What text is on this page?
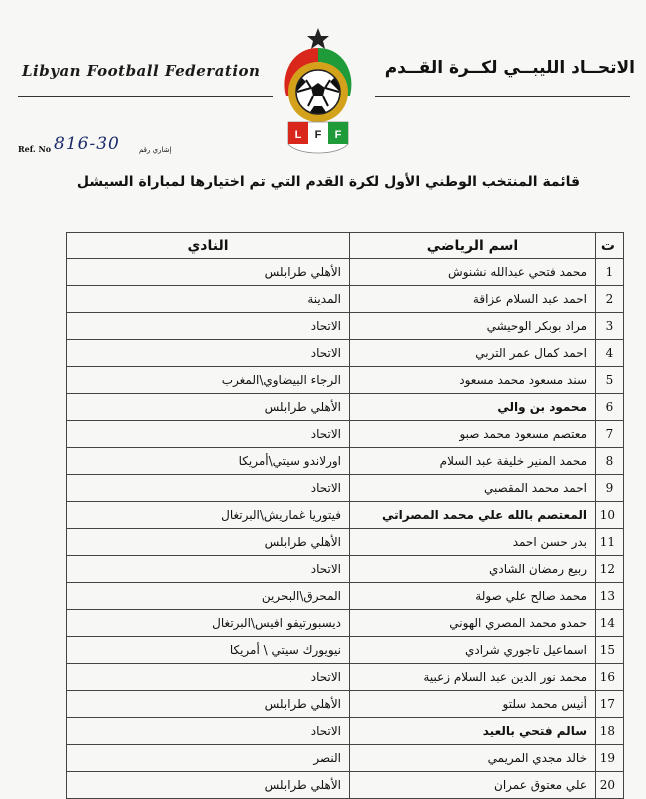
Libyan Football Federation	الاتحــاد الليبــي لكــرة القــدم
L F F
Ref. No 816-30	إشاري رقم
قائمة المنتخب الوطني الأول لكرة القدم التي تم اختيارها لمباراة السيشل
ت	اسم الرياضي	النادي
1	محمد فتحي عبدالله نشنوش	الأهلي طرابلس
2	احمد عبد السلام عزاقة	المدينة
3	مراد بوبكر الوحيشي	الاتحاد
4	احمد كمال عمر التربي	الاتحاد
5	سند مسعود محمد مسعود	الرجاء البيضاوي\المغرب
6	محمود بن والي	الأهلي طرابلس
7	معتصم مسعود محمد صبو	الاتحاد
8	محمد المنير خليفة عبد السلام	اورلاندو سيتي\أمريكا
9	احمد محمد المقصبي	الاتحاد
10	المعتصم بالله علي محمد المصراتي	فيتوريا غماريش\البرتغال
11	بدر حسن احمد	الأهلي طرابلس
12	ربيع رمضان الشادي	الاتحاد
13	محمد صالح علي صولة	المحرق\البحرين
14	حمدو محمد المصري الهوني	ديسبورتيفو افيس\البرتغال
15	اسماعيل تاجوري شرادي	نيويورك سيتي \ أمريكا
16	محمد نور الدين عبد السلام زعبية	الاتحاد
17	أنيس محمد سلتو	الأهلي طرابلس
18	سالم فتحي بالعيد	الاتحاد
19	خالد مجدي المريمي	النصر
20	علي معتوق عمران	الأهلي طرابلس
